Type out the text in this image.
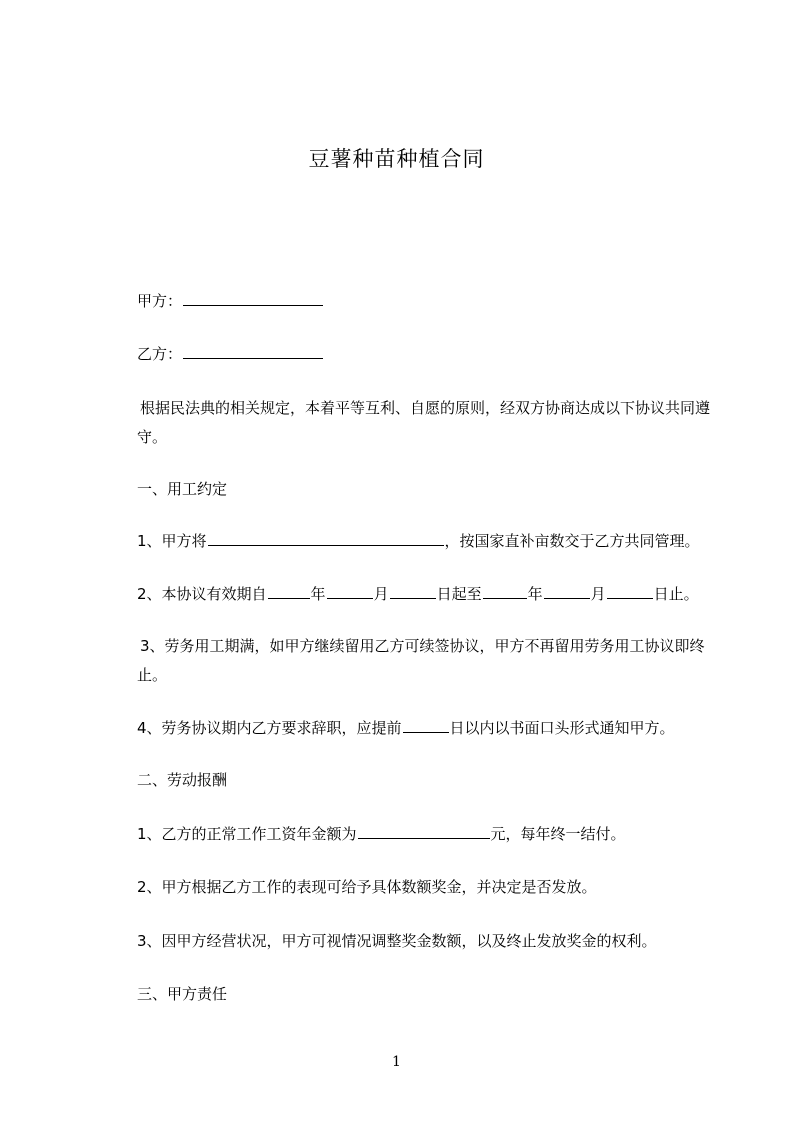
豆薯种苗种植合同
甲方：
乙方：
根据民法典的相关规定，本着平等互利、自愿的原则，经双方协商达成以下协议共同遵守。
一、用工约定
1、甲方将	，按国家直补亩数交于乙方共同管理。
2、本协议有效期自	年	月	日起至	年	月	日止。
3、劳务用工期满，如甲方继续留用乙方可续签协议，甲方不再留用劳务用工协议即终止。
4、劳务协议期内乙方要求辞职，应提前	日以内以书面口头形式通知甲方。
二、劳动报酬
1、乙方的正常工作工资年金额为	元，每年终一结付。
2、甲方根据乙方工作的表现可给予具体数额奖金，并决定是否发放。
3、因甲方经营状况，甲方可视情况调整奖金数额，以及终止发放奖金的权利。
三、甲方责任
1
